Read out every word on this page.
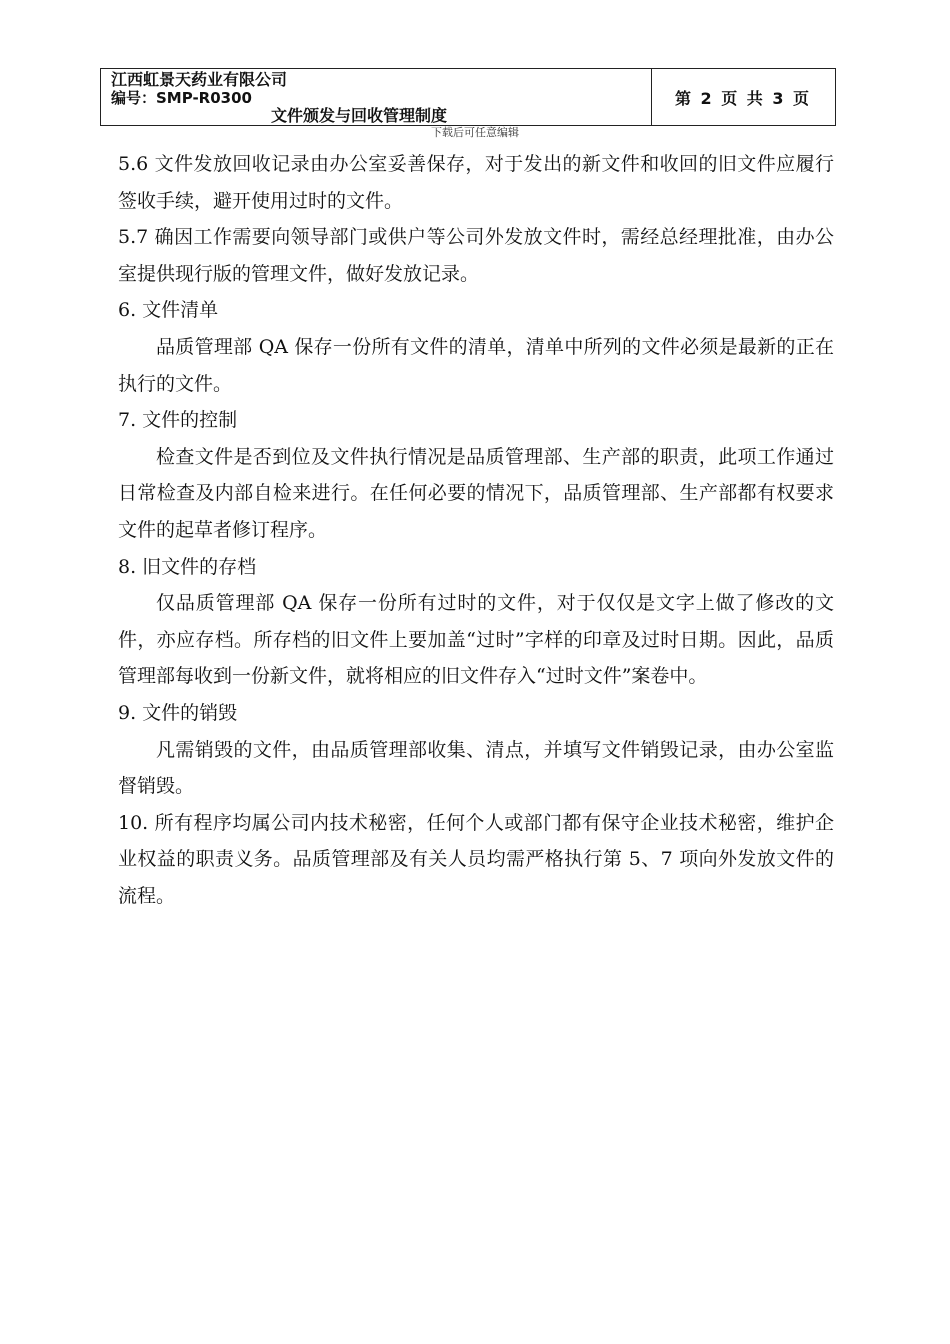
江西虹景天药业有限公司
编号：SMP-R0300
文件颁发与回收管理制度
第 2 页 共 3 页
下载后可任意编辑

5.6 文件发放回收记录由办公室妥善保存，对于发出的新文件和收回的旧文件应履行签收手续，避开使用过时的文件。

5.7 确因工作需要向领导部门或供户等公司外发放文件时，需经总经理批准，由办公室提供现行版的管理文件，做好发放记录。

6. 文件清单

品质管理部 QA 保存一份所有文件的清单，清单中所列的文件必须是最新的正在执行的文件。

7. 文件的控制

检查文件是否到位及文件执行情况是品质管理部、生产部的职责，此项工作通过日常检查及内部自检来进行。在任何必要的情况下，品质管理部、生产部都有权要求文件的起草者修订程序。

8. 旧文件的存档

仅品质管理部 QA 保存一份所有过时的文件，对于仅仅是文字上做了修改的文件，亦应存档。所存档的旧文件上要加盖“过时”字样的印章及过时日期。因此，品质管理部每收到一份新文件，就将相应的旧文件存入“过时文件”案卷中。

9. 文件的销毁

凡需销毁的文件，由品质管理部收集、清点，并填写文件销毁记录，由办公室监督销毁。

10. 所有程序均属公司内技术秘密，任何个人或部门都有保守企业技术秘密，维护企业权益的职责义务。品质管理部及有关人员均需严格执行第 5、7 项向外发放文件的流程。
